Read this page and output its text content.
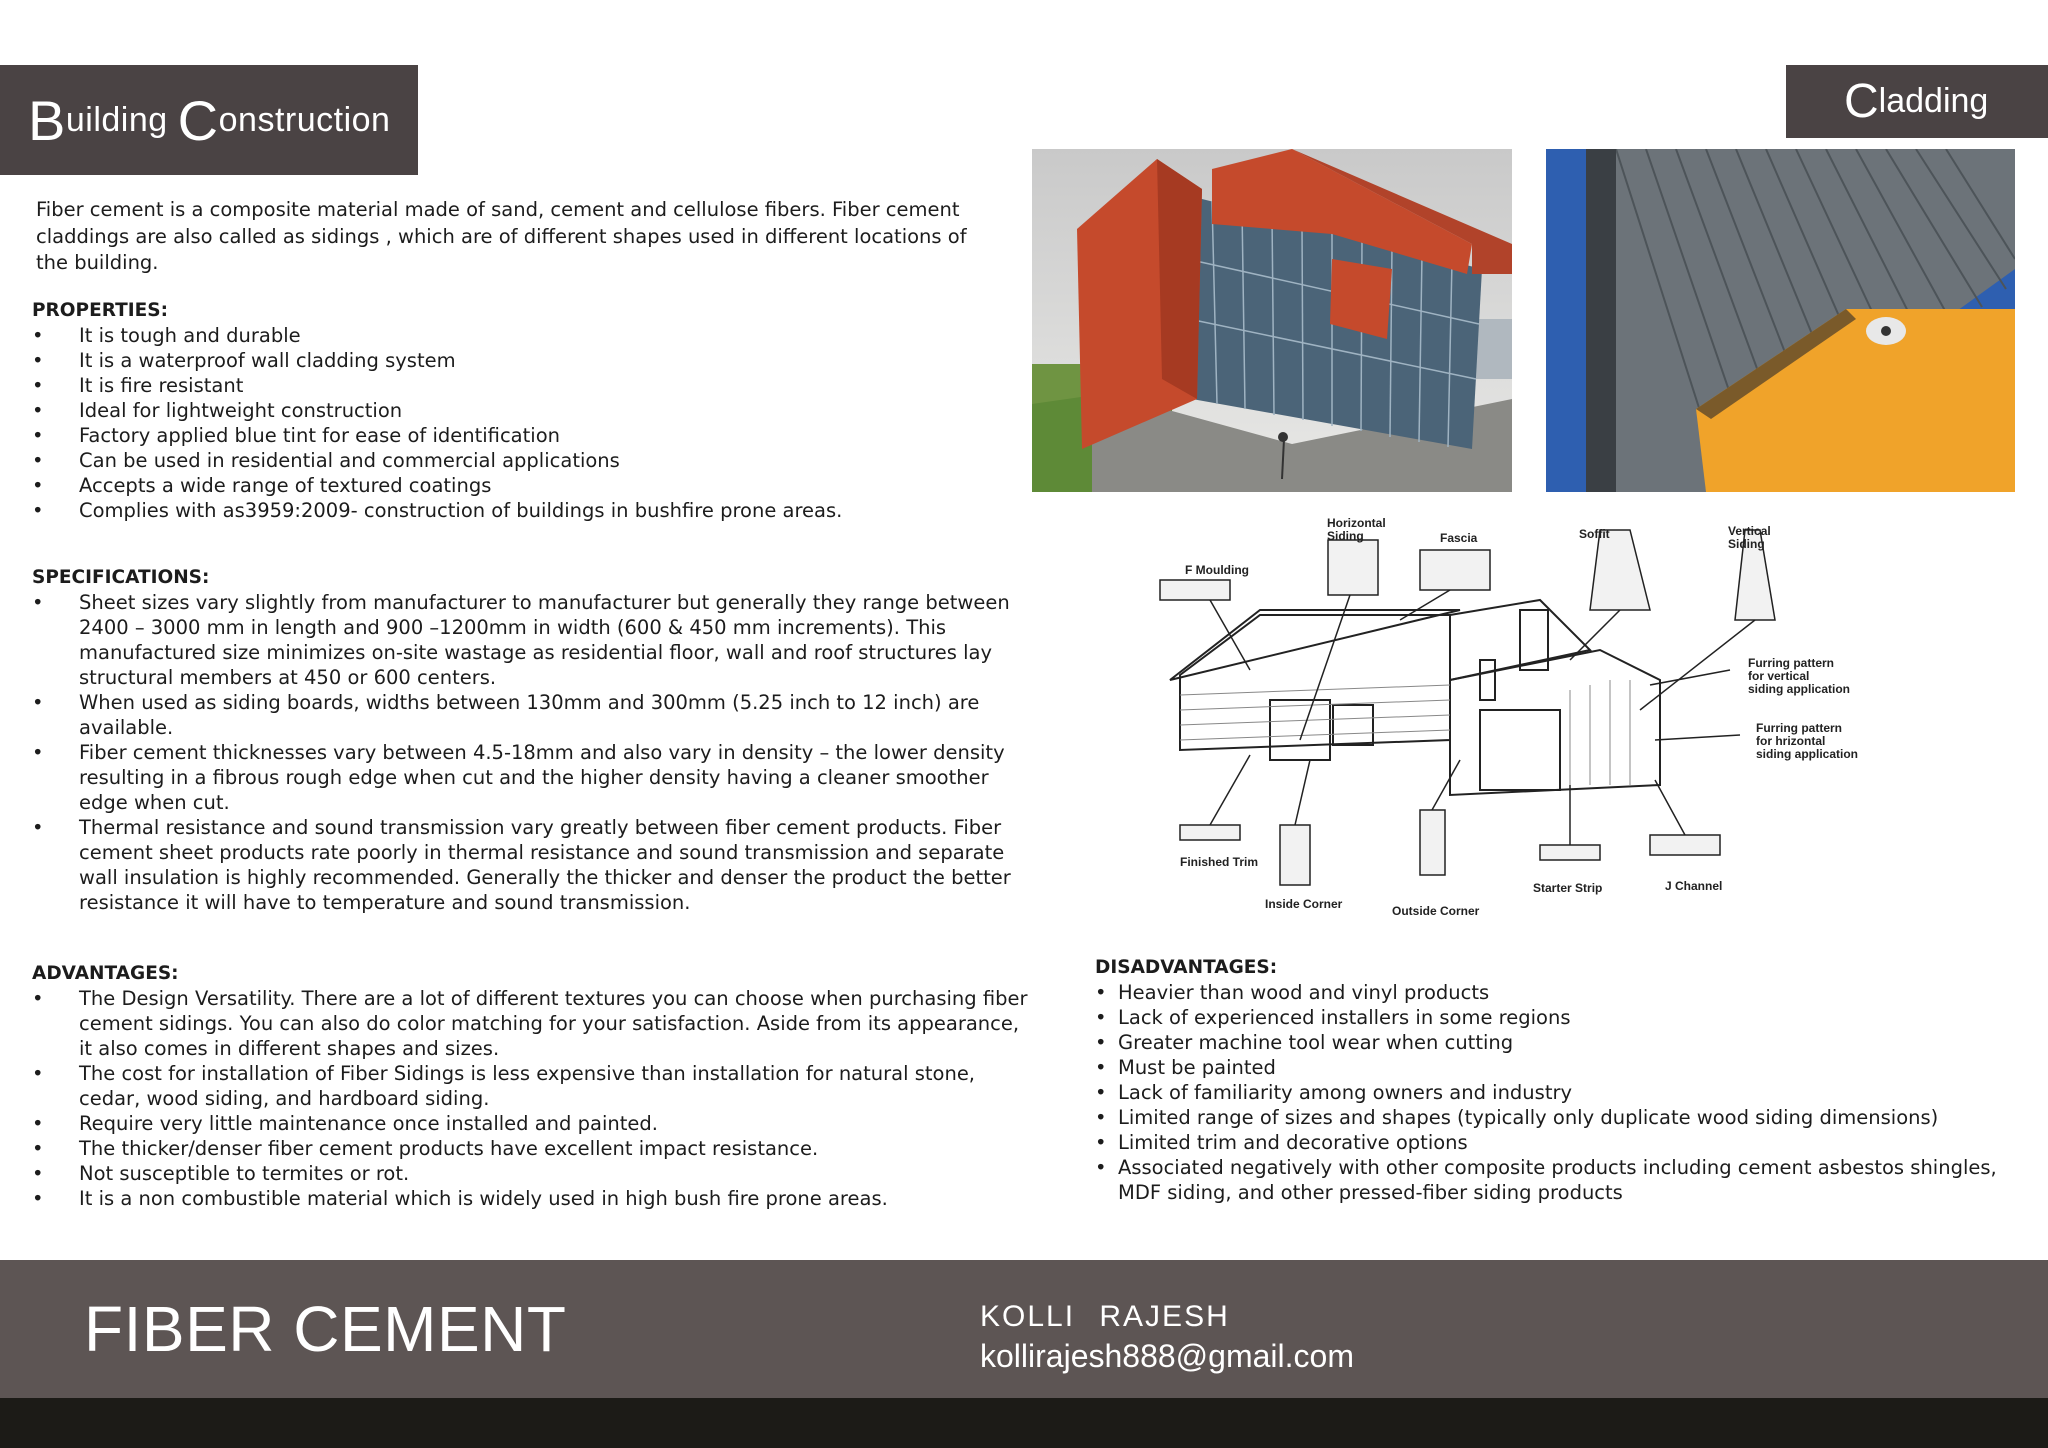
B uilding C onstruction	C ladding

Fiber cement is a composite material made of sand, cement and cellulose fibers. Fiber cement claddings are also called as sidings , which are of different shapes used in different locations of the building.

PROPERTIES:
• It is tough and durable
• It is a waterproof wall cladding system
• It is fire resistant
• Ideal for lightweight construction
• Factory applied blue tint for ease of identification
• Can be used in residential and commercial applications
• Accepts a wide range of textured coatings
• Complies with as3959:2009- construction of buildings in bushfire prone areas.
SPECIFICATIONS:
• Sheet sizes vary slightly from manufacturer to manufacturer but generally they range between 2400 – 3000 mm in length and 900 –1200mm in width (600 & 450 mm increments). This manufactured size minimizes on-site wastage as residential floor, wall and roof structures lay structural members at 450 or 600 centers.
• When used as siding boards, widths between 130mm and 300mm (5.25 inch to 12 inch) are available.
• Fiber cement thicknesses vary between 4.5-18mm and also vary in density – the lower density resulting in a fibrous rough edge when cut and the higher density having a cleaner smoother edge when cut.
• Thermal resistance and sound transmission vary greatly between fiber cement products. Fiber cement sheet products rate poorly in thermal resistance and sound transmission and separate wall insulation is highly recommended. Generally the thicker and denser the product the better resistance it will have to temperature and sound transmission.
ADVANTAGES:
• The Design Versatility. There are a lot of different textures you can choose when purchasing fiber cement sidings. You can also do color matching for your satisfaction. Aside from its appearance, it also comes in different shapes and sizes.
• The cost for installation of Fiber Sidings is less expensive than installation for natural stone, cedar, wood siding, and hardboard siding.
• Require very little maintenance once installed and painted.
• The thicker/denser fiber cement products have excellent impact resistance.
• Not susceptible to termites or rot.
• It is a non combustible material which is widely used in high bush fire prone areas.
DISADVANTAGES:
• Heavier than wood and vinyl products
• Lack of experienced installers in some regions
• Greater machine tool wear when cutting
• Must be painted
• Lack of familiarity among owners and industry
• Limited range of sizes and shapes (typically only duplicate wood siding dimensions)
• Limited trim and decorative options
• Associated negatively with other composite products including cement asbestos shingles, MDF siding, and other pressed-fiber siding products
F Moulding
Horizontal
Siding	Fascia	Soffit	Vertical
Siding
Furring pattern
for vertical
siding application
Furring pattern
for hrizontal
siding application
Finished Trim
Inside Corner	Outside Corner
Starter Strip	J Channel
FIBER CEMENT	KOLLI RAJESH
kollirajesh888@gmail.com
